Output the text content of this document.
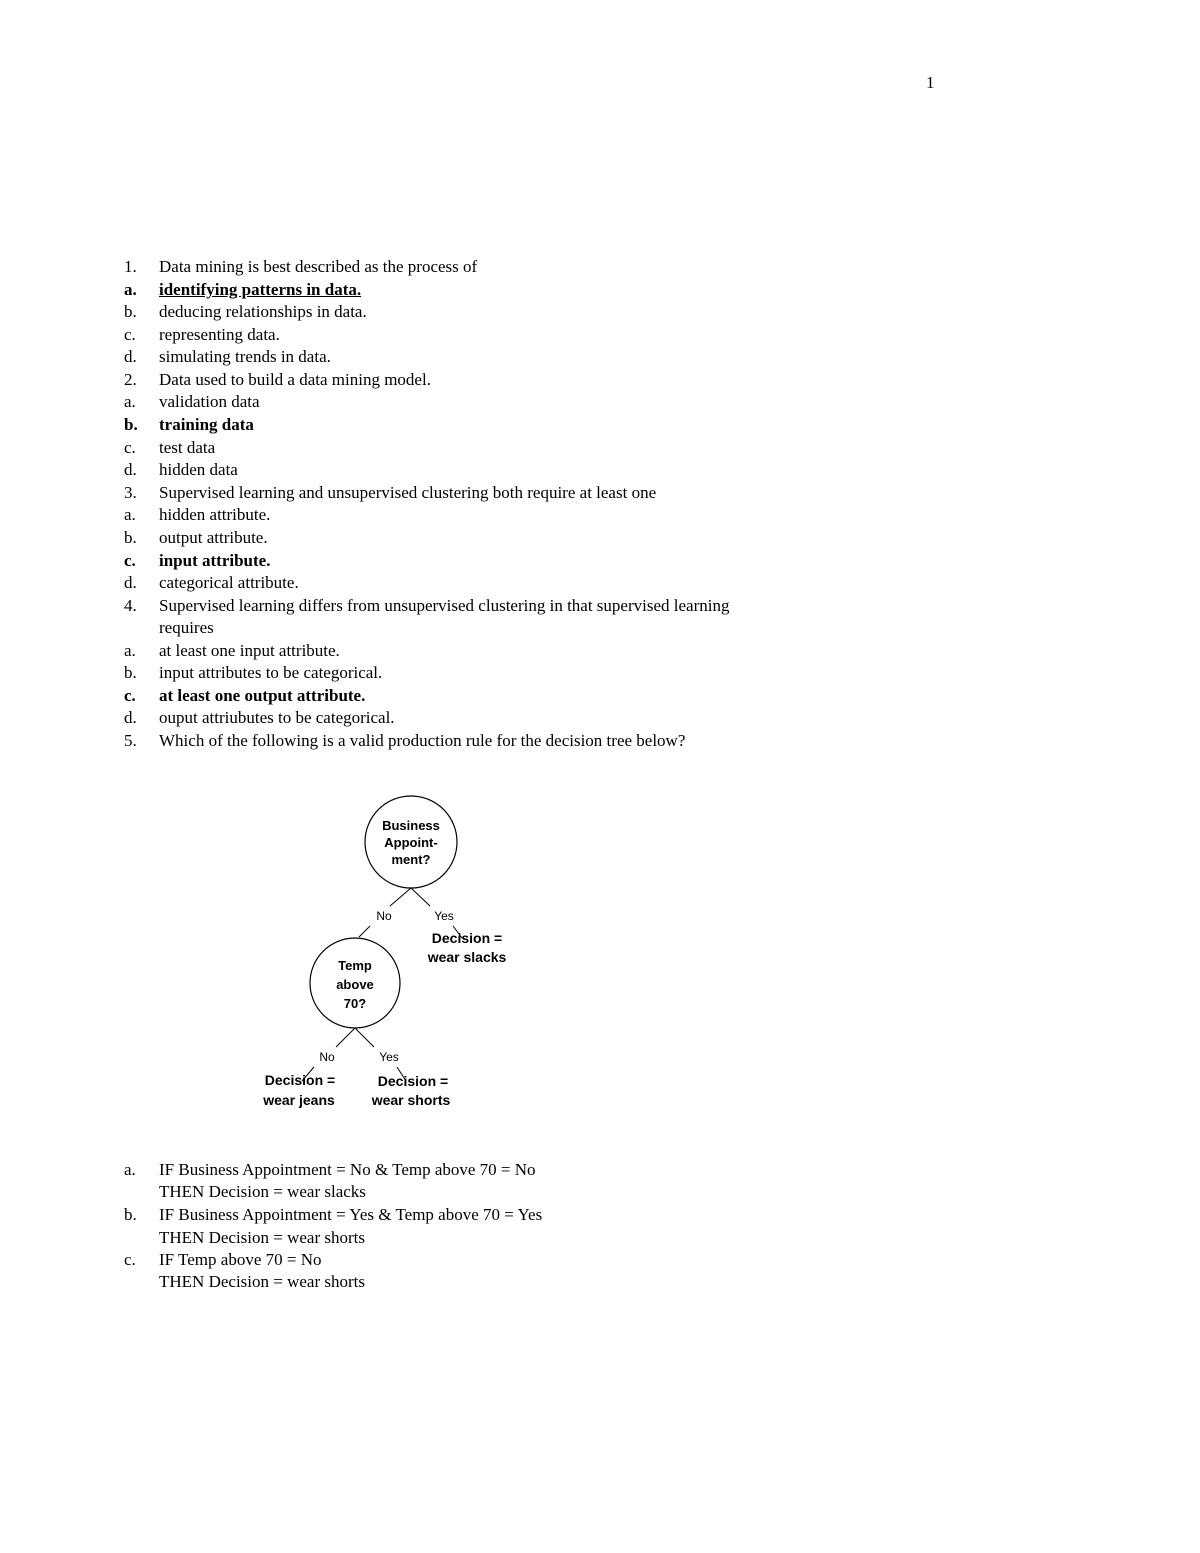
1
1. Data mining is best described as the process of
a. identifying patterns in data.
b. deducing relationships in data.
c. representing data.
d. simulating trends in data.
2. Data used to build a data mining model.
a. validation data
b. training data
c. test data
d. hidden data
3. Supervised learning and unsupervised clustering both require at least one
a. hidden attribute.
b. output attribute.
c. input attribute.
d. categorical attribute.
4. Supervised learning differs from unsupervised clustering in that supervised learning
requires
a. at least one input attribute.
b. input attributes to be categorical.
c. at least one output attribute.
d. ouput attriubutes to be categorical.
5. Which of the following is a valid production rule for the decision tree below?
Business
Appoint-
ment?
No	Yes
Decision =
wear slacks
Temp
above
70?
No	Yes
Decision =
wear jeans
Decision =
wear shorts
a. IF Business Appointment = No & Temp above 70 = No
THEN Decision = wear slacks
b. IF Business Appointment = Yes & Temp above 70 = Yes
THEN Decision = wear shorts
c. IF Temp above 70 = No
THEN Decision = wear shorts
